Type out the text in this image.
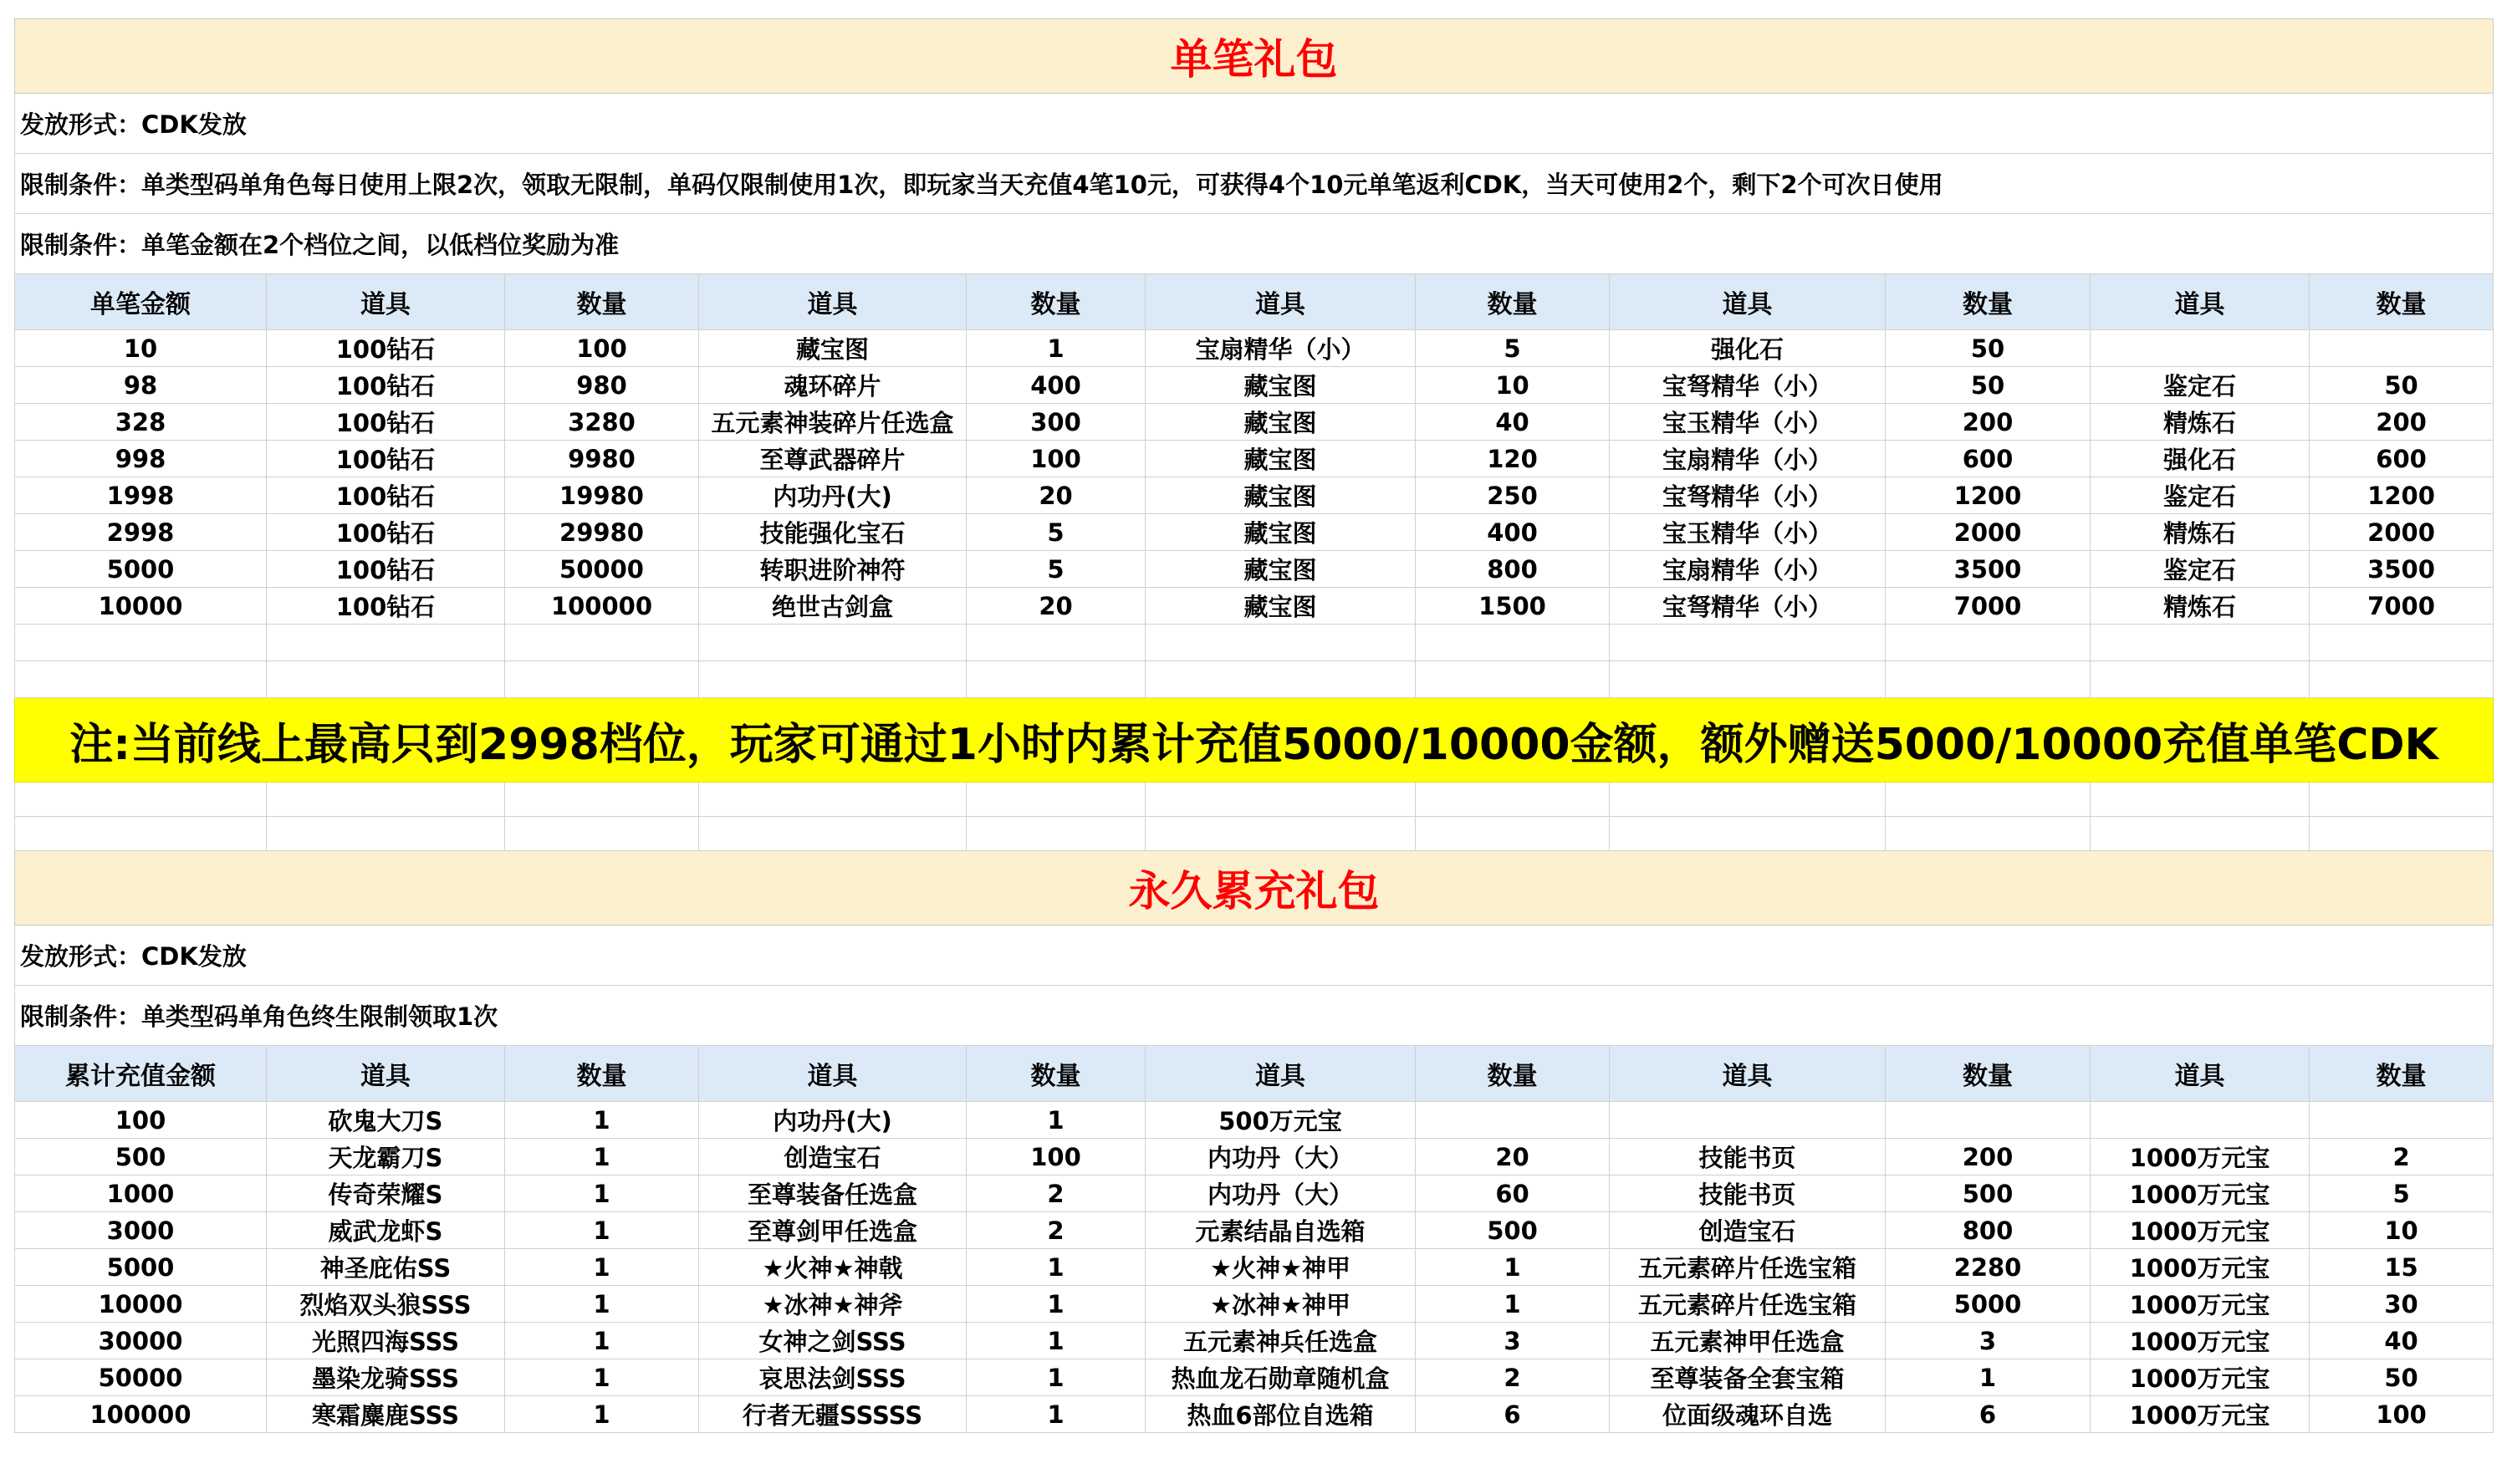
单笔礼包										
发放形式：CDK发放										
限制条件：单类型码单角色每日使用上限2次，领取无限制，单码仅限制使用1次，即玩家当天充值4笔10元，可获得4个10元单笔返利CDK，当天可使用2个，剩下2个可次日使用										
限制条件：单笔金额在2个档位之间，以低档位奖励为准										
单笔金额	道具	数量	道具	数量	道具	数量	道具	数量	道具	数量
10	100钻石	100	藏宝图	1	宝扇精华（小）	5	强化石	50		
98	100钻石	980	魂环碎片	400	藏宝图	10	宝弩精华（小）	50	鉴定石	50
328	100钻石	3280	五元素神装碎片任选盒	300	藏宝图	40	宝玉精华（小）	200	精炼石	200
998	100钻石	9980	至尊武器碎片	100	藏宝图	120	宝扇精华（小）	600	强化石	600
1998	100钻石	19980	内功丹(大)	20	藏宝图	250	宝弩精华（小）	1200	鉴定石	1200
2998	100钻石	29980	技能强化宝石	5	藏宝图	400	宝玉精华（小）	2000	精炼石	2000
5000	100钻石	50000	转职进阶神符	5	藏宝图	800	宝扇精华（小）	3500	鉴定石	3500
10000	100钻石	100000	绝世古剑盒	20	藏宝图	1500	宝弩精华（小）	7000	精炼石	7000

注:当前线上最高只到2998档位，玩家可通过1小时内累计充值5000/10000金额，额外赠送5000/10000充值单笔CDK										

永久累充礼包										
发放形式：CDK发放										
限制条件：单类型码单角色终生限制领取1次										
累计充值金额	道具	数量	道具	数量	道具	数量	道具	数量	道具	数量
100	砍鬼大刀S	1	内功丹(大)	1	500万元宝					
500	天龙霸刀S	1	创造宝石	100	内功丹（大）	20	技能书页	200	1000万元宝	2
1000	传奇荣耀S	1	至尊装备任选盒	2	内功丹（大）	60	技能书页	500	1000万元宝	5
3000	威武龙虾S	1	至尊剑甲任选盒	2	元素结晶自选箱	500	创造宝石	800	1000万元宝	10
5000	神圣庇佑SS	1	★火神★神戟	1	★火神★神甲	1	五元素碎片任选宝箱	2280	1000万元宝	15
10000	烈焰双头狼SSS	1	★冰神★神斧	1	★冰神★神甲	1	五元素碎片任选宝箱	5000	1000万元宝	30
30000	光照四海SSS	1	女神之剑SSS	1	五元素神兵任选盒	3	五元素神甲任选盒	3	1000万元宝	40
50000	墨染龙骑SSS	1	哀思法剑SSS	1	热血龙石勋章随机盒	2	至尊装备全套宝箱	1	1000万元宝	50
100000	寒霜麋鹿SSS	1	行者无疆SSSSS	1	热血6部位自选箱	6	位面级魂环自选	6	1000万元宝	100
